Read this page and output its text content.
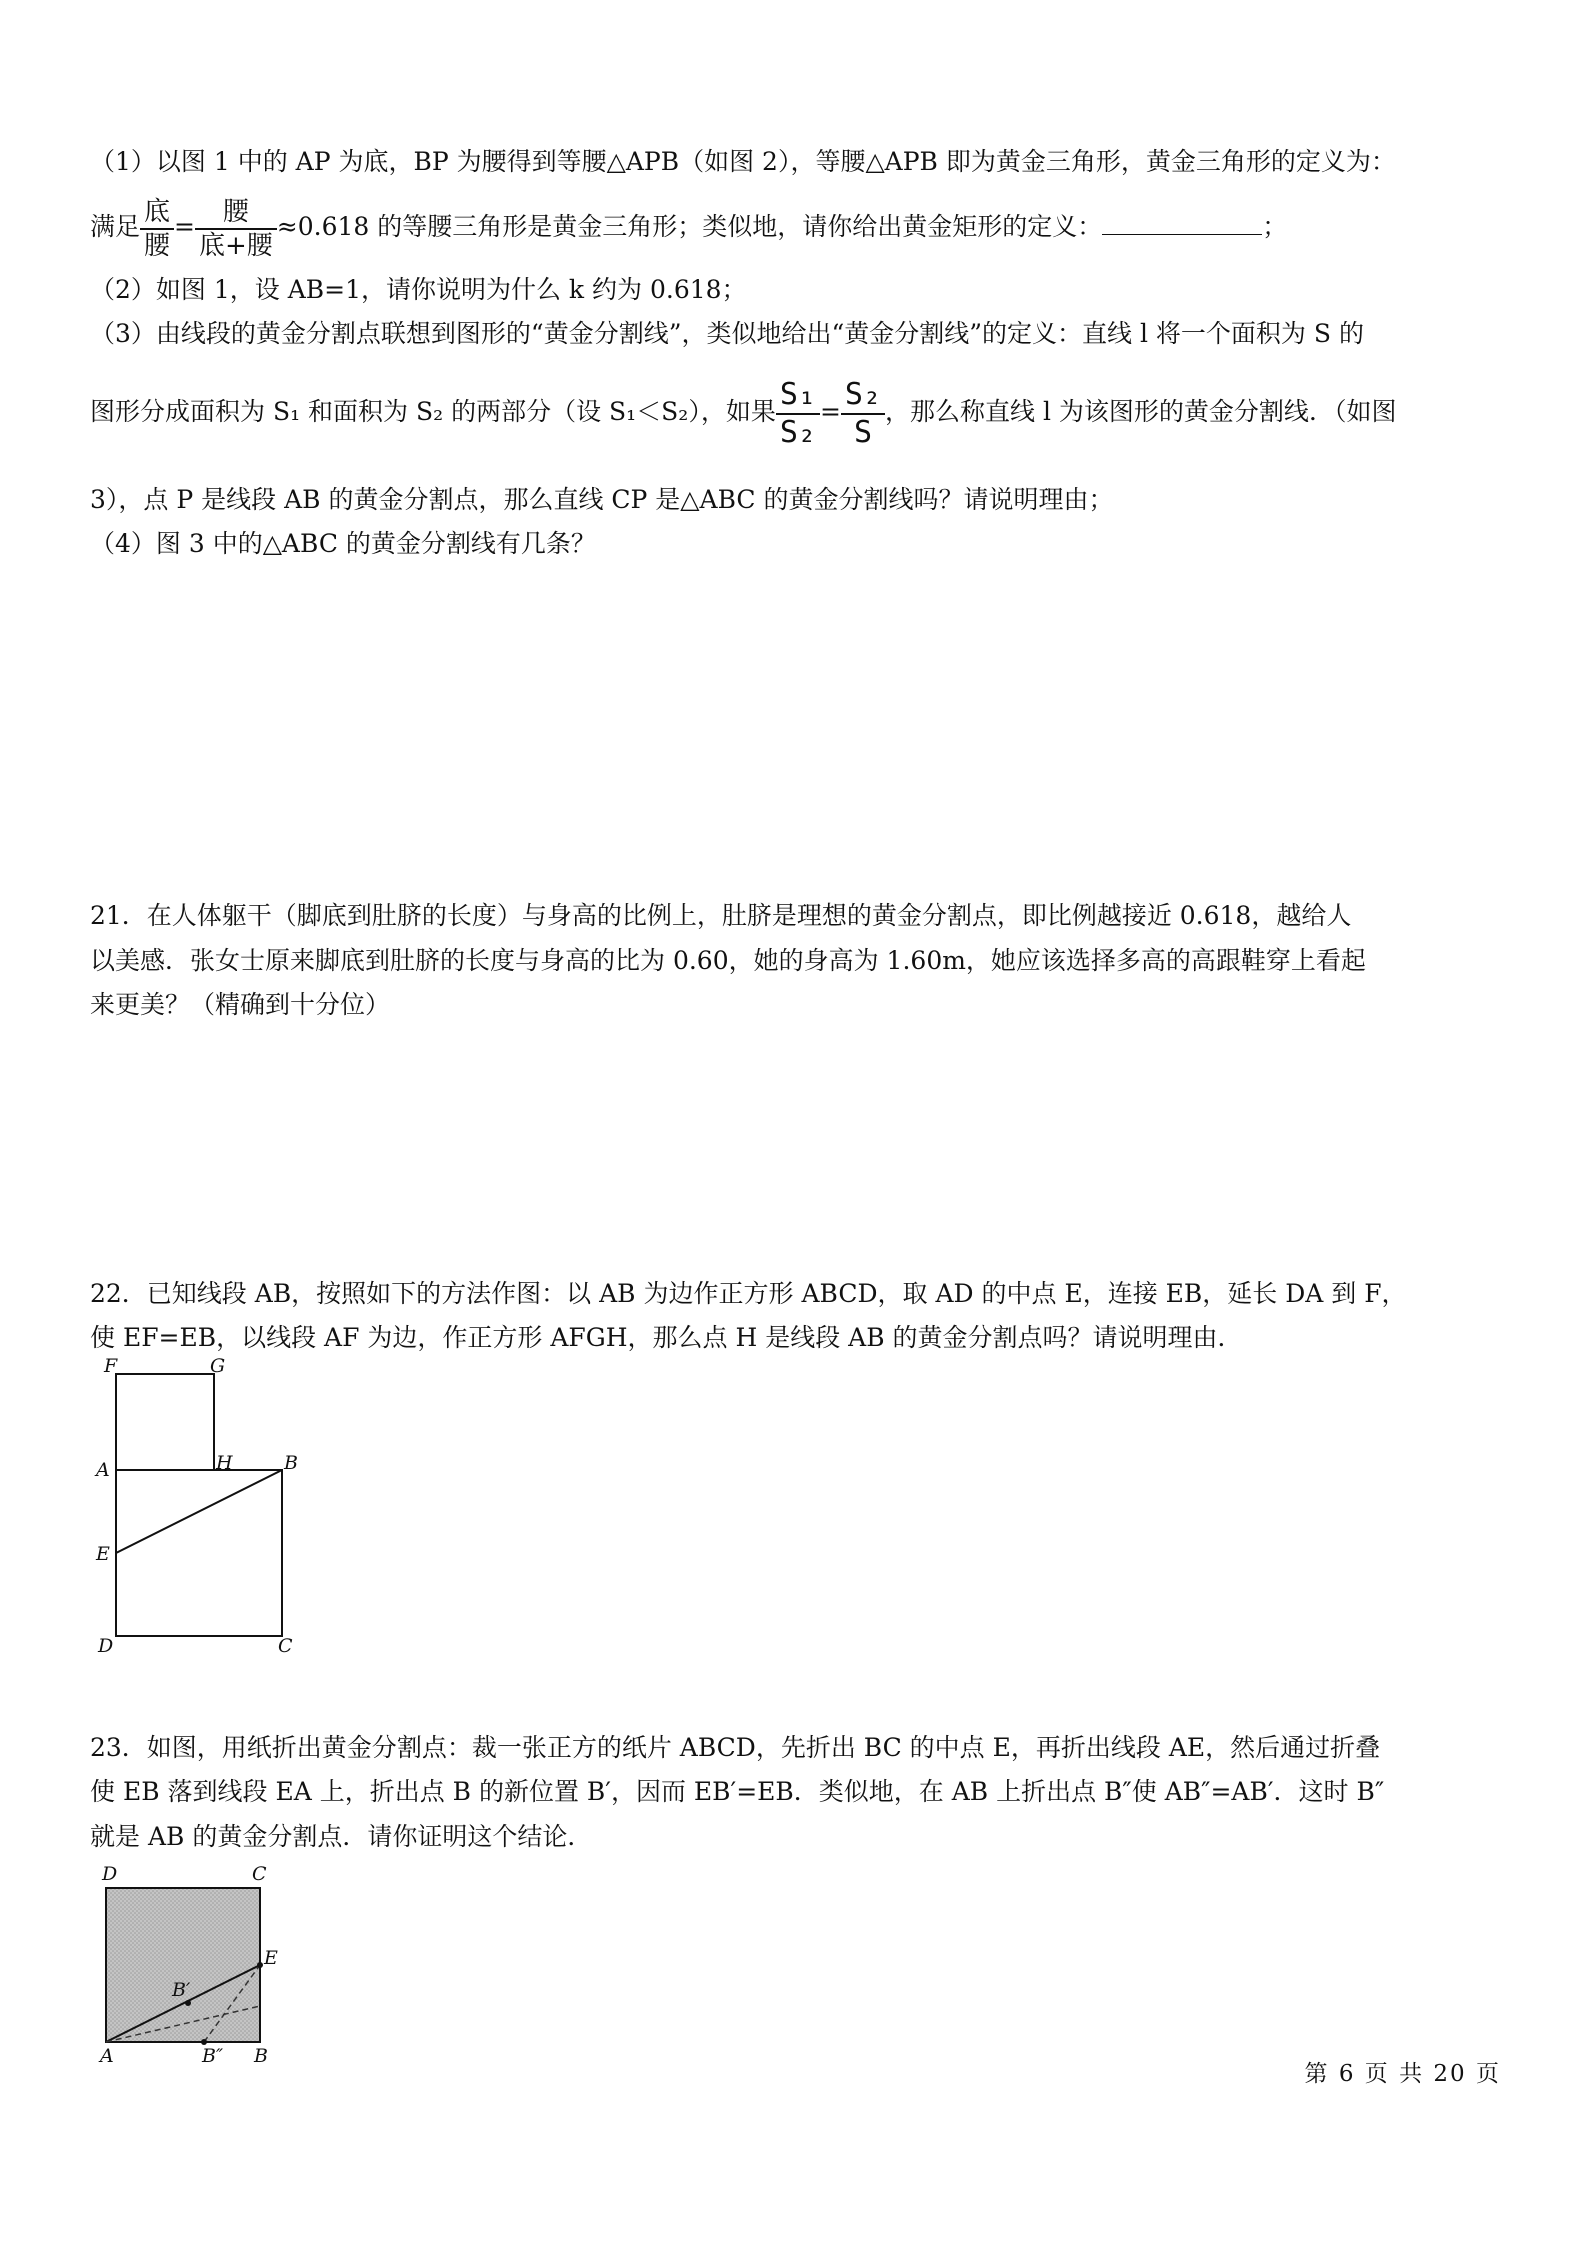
（1）以图 1 中的 AP 为底，BP 为腰得到等腰△APB（如图 2），等腰△APB 即为黄金三角形，黄金三角形的定义为：
满足 $\frac{\text{底}}{\text{腰}} = \frac{\text{腰}}{\text{底+腰}} \approx 0.618$ 的等腰三角形是黄金三角形；类似地，请你给出黄金矩形的定义：	；
（2）如图 1，设 AB=1，请你说明为什么 k 约为 0.618；
（3）由线段的黄金分割点联想到图形的“黄金分割线”，类似地给出“黄金分割线”的定义：直线 l 将一个面积为 S 的
图形分成面积为 S₁ 和面积为 S₂ 的两部分（设 S₁＜S₂），如果 $\frac{\text{S₁}}{\text{S₂}} = \frac{\text{S₂}}{S}$ ，那么称直线 l 为该图形的黄金分割线．（如图
3），点 P 是线段 AB 的黄金分割点，那么直线 CP 是△ABC 的黄金分割线吗？请说明理由；
（4）图 3 中的△ABC 的黄金分割线有几条？
21．在人体躯干（脚底到肚脐的长度）与身高的比例上，肚脐是理想的黄金分割点，即比例越接近 0.618，越给人
以美感．张女士原来脚底到肚脐的长度与身高的比为 0.60，她的身高为 1.60m，她应该选择多高的高跟鞋穿上看起
来更美？（精确到十分位）
22．已知线段 AB，按照如下的方法作图：以 AB 为边作正方形 ABCD，取 AD 的中点 E，连接 EB，延长 DA 到 F，
使 EF=EB，以线段 AF 为边，作正方形 AFGH，那么点 H 是线段 AB 的黄金分割点吗？请说明理由．
F	G
A	H	B
E
D	C
23．如图，用纸折出黄金分割点：裁一张正方的纸片 ABCD，先折出 BC 的中点 E，再折出线段 AE，然后通过折叠
使 EB 落到线段 EA 上，折出点 B 的新位置 B′，因而 EB′=EB．类似地，在 AB 上折出点 B″使 AB″=AB′．这时 B″
就是 AB 的黄金分割点．请你证明这个结论．
D	C
E
B′
A	B″ B
第 6 页 共 20 页
